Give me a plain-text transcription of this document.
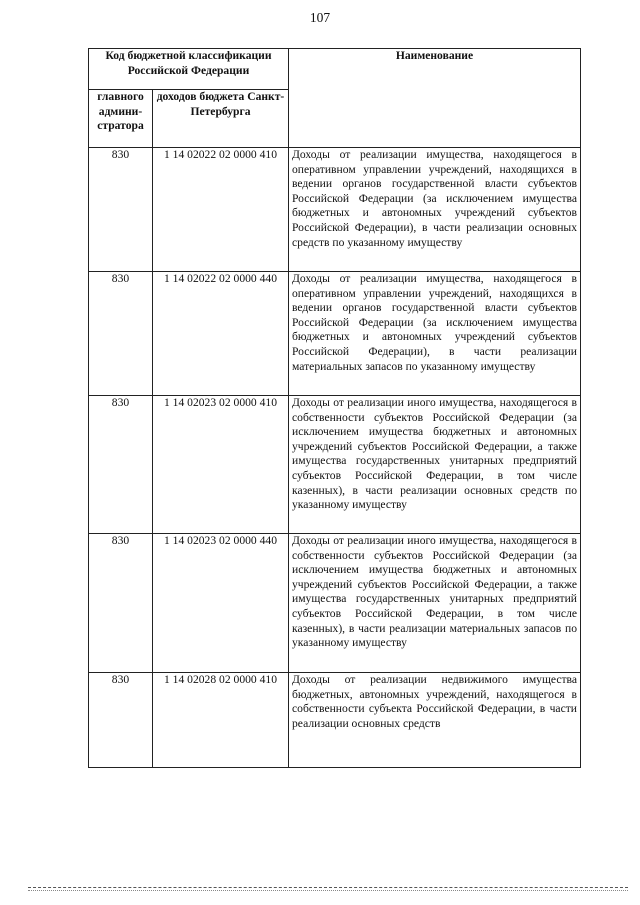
107
Код бюджетной классификации Российской Федерации		Наименование
главного админи-стратора	доходов бюджета Санкт-Петербурга	
830	1 14 02022 02 0000 410	Доходы от реализации имущества, находящегося в оперативном управлении учреждений, находящихся в ведении органов государственной власти субъектов Российской Федерации (за исключением имущества бюджетных и автономных учреждений субъектов Российской Федерации), в части реализации основных средств по указанному имуществу
830	1 14 02022 02 0000 440	Доходы от реализации имущества, находящегося в оперативном управлении учреждений, находящихся в ведении органов государственной власти субъектов Российской Федерации (за исключением имущества бюджетных и автономных учреждений субъектов Российской Федерации), в части реализации материальных запасов по указанному имуществу
830	1 14 02023 02 0000 410	Доходы от реализации иного имущества, находящегося в собственности субъектов Российской Федерации (за исключением имущества бюджетных и автономных учреждений субъектов Российской Федерации, а также имущества государственных унитарных предприятий субъектов Российской Федерации, в том числе казенных), в части реализации основных средств по указанному имуществу
830	1 14 02023 02 0000 440	Доходы от реализации иного имущества, находящегося в собственности субъектов Российской Федерации (за исключением имущества бюджетных и автономных учреждений субъектов Российской Федерации, а также имущества государственных унитарных предприятий субъектов Российской Федерации, в том числе казенных), в части реализации материальных запасов по указанному имуществу
830	1 14 02028 02 0000 410	Доходы от реализации недвижимого имущества бюджетных, автономных учреждений, находящегося в собственности субъекта Российской Федерации, в части реализации основных средств
